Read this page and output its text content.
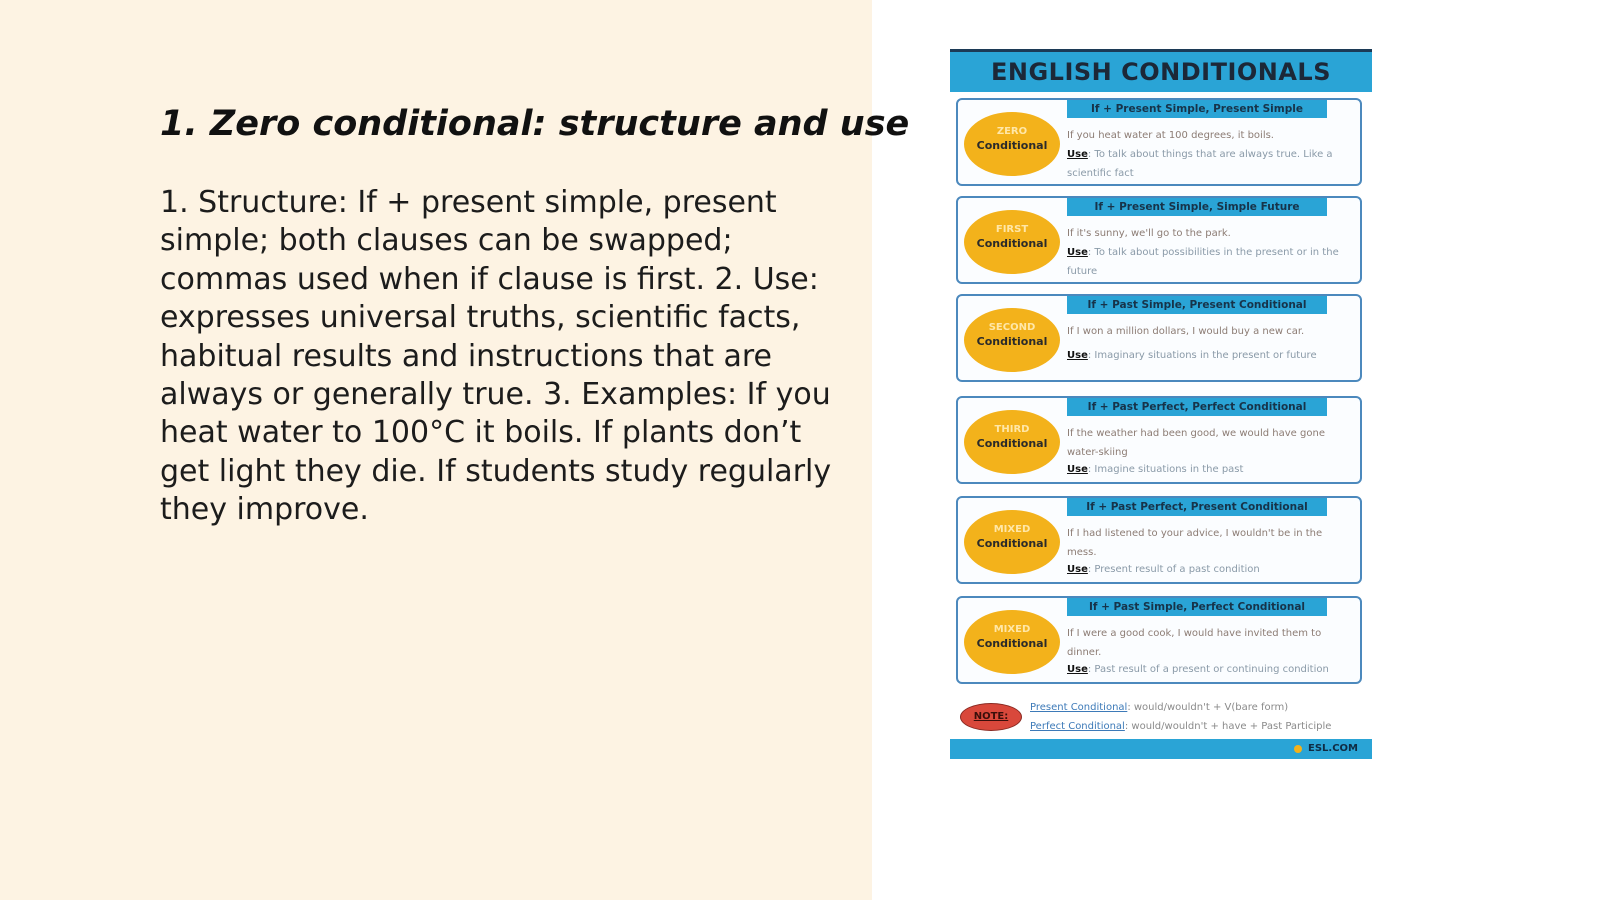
1. Zero conditional: structure and use

1. Structure: If + present simple, present simple; both clauses can be swapped; commas used when if clause is first. 2. Use: expresses universal truths, scientific facts, habitual results and instructions that are always or generally true. 3. Examples: If you heat water to 100°C it boils. If plants don’t get light they die. If students study regularly they improve.

ENGLISH CONDITIONALS
If + Present Simple, Present Simple
ZERO
Conditional
If you heat water at 100 degrees, it boils.
Use: To talk about things that are always true. Like a scientific fact
If + Present Simple, Simple Future
FIRST
Conditional
If it's sunny, we'll go to the park.
Use: To talk about possibilities in the present or in the future
If + Past Simple, Present Conditional
SECOND
Conditional
If I won a million dollars, I would buy a new car.
Use: Imaginary situations in the present or future
If + Past Perfect, Perfect Conditional
THIRD
Conditional
If the weather had been good, we would have gone water-skiing
Use: Imagine situations in the past
If + Past Perfect, Present Conditional
MIXED
Conditional
If I had listened to your advice, I wouldn't be in the mess.
Use: Present result of a past condition
If + Past Simple, Perfect Conditional
MIXED
Conditional
If I were a good cook, I would have invited them to dinner.
Use: Past result of a present or continuing condition
NOTE:
Present Conditional: would/wouldn't + V(bare form)
Perfect Conditional: would/wouldn't + have + Past Participle
ESL.COM
